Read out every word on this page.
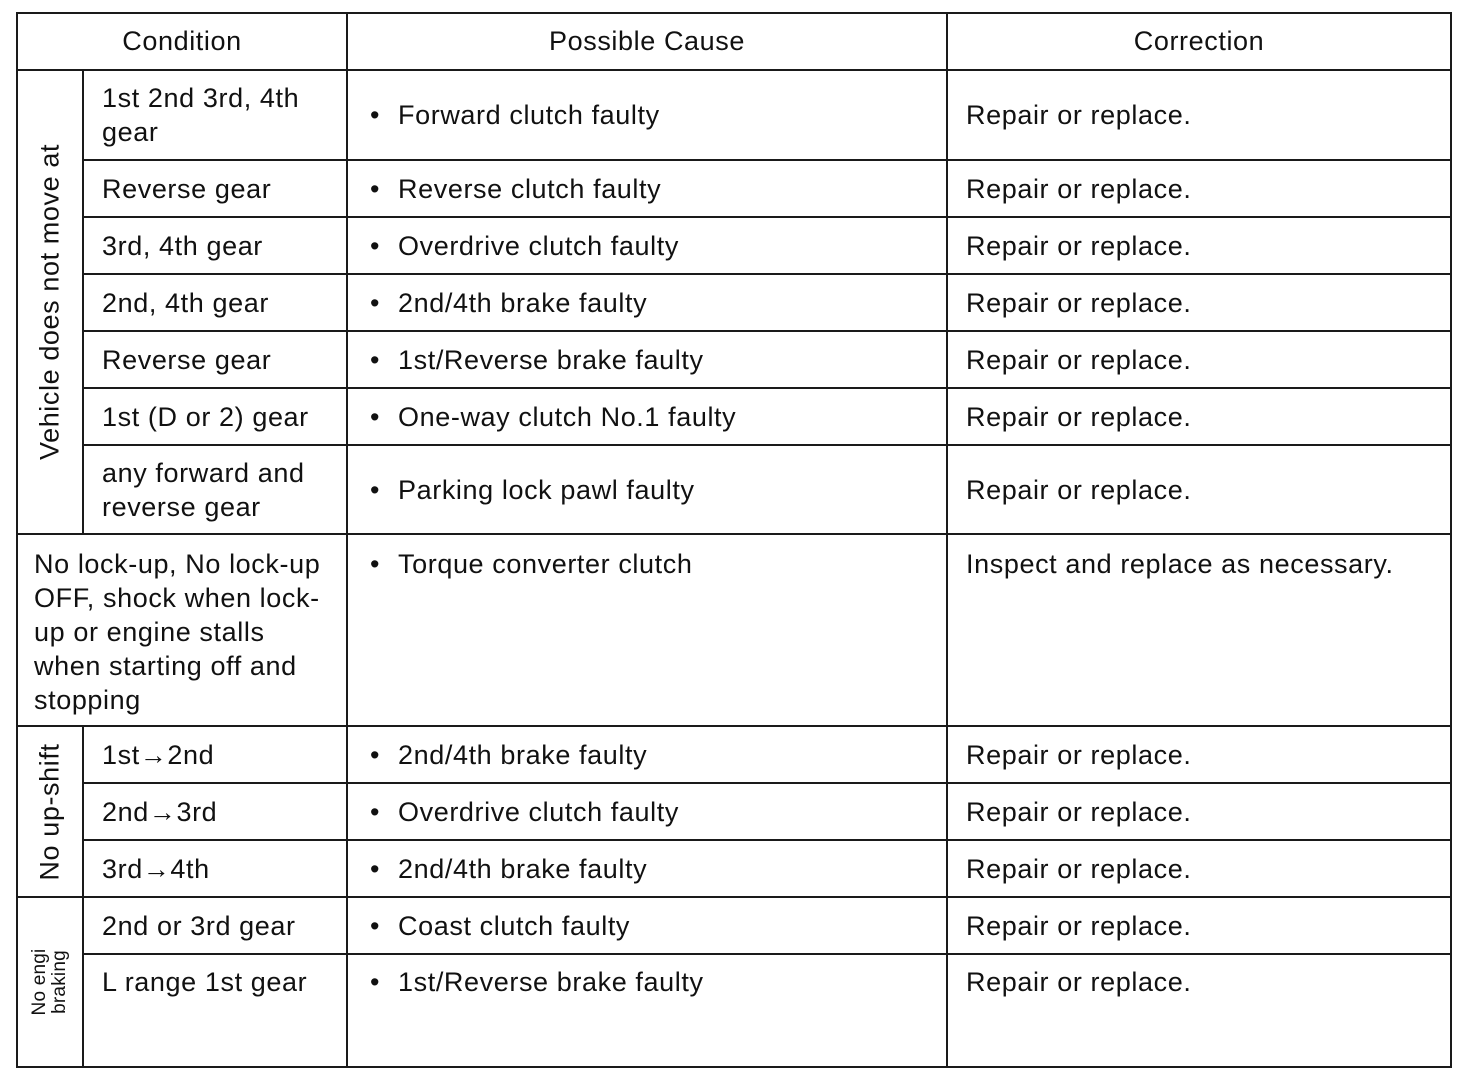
Condition		Possible Cause	Correction

Vehicle does not move at	1st 2nd 3rd, 4th gear	• Forward clutch faulty	Repair or replace.

	Reverse gear	• Reverse clutch faulty	Repair or replace.

	3rd, 4th gear	• Overdrive clutch faulty	Repair or replace.

	2nd, 4th gear	• 2nd/4th brake faulty	Repair or replace.

	Reverse gear	• 1st/Reverse brake faulty	Repair or replace.

	1st (D or 2) gear	• One-way clutch No.1 faulty	Repair or replace.

	any forward and reverse gear	• Parking lock pawl faulty	Repair or replace.

No lock-up, No lock-up OFF, shock when lock-up or engine stalls when starting off and stopping		• Torque converter clutch	Inspect and replace as necessary.

No up-shift	1st→2nd	• 2nd/4th brake faulty	Repair or replace.

	2nd→3rd	• Overdrive clutch faulty	Repair or replace.

	3rd→4th	• 2nd/4th brake faulty	Repair or replace.

No engi braking	2nd or 3rd gear	• Coast clutch faulty	Repair or replace.

	L range 1st gear	• 1st/Reverse brake faulty	Repair or replace.
